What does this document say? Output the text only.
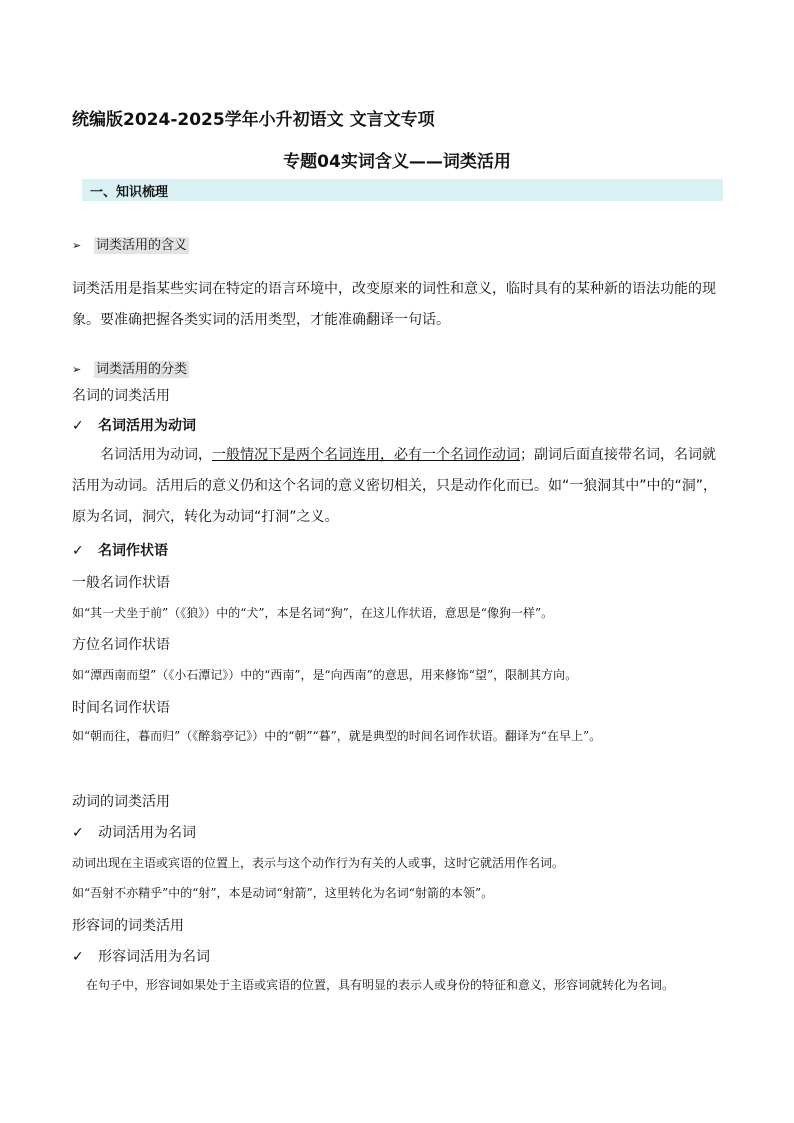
统编版2024-2025学年小升初语文 文言文专项
专题04实词含义——词类活用
一、知识梳理
➢ 词类活用的含义
词类活用是指某些实词在特定的语言环境中，改变原来的词性和意义，临时具有的某种新的语法功能的现象。要准确把握各类实词的活用类型，才能准确翻译一句话。
➢ 词类活用的分类
名词的词类活用
✓ 名词活用为动词
名词活用为动词，一般情况下是两个名词连用，必有一个名词作动词；副词后面直接带名词，名词就活用为动词。活用后的意义仍和这个名词的意义密切相关，只是动作化而已。如“一狼洞其中”中的“洞”，原为名词，洞穴，转化为动词“打洞”之义。
✓ 名词作状语
一般名词作状语
如“其一犬坐于前”（《狼》）中的“犬”，本是名词“狗”，在这儿作状语，意思是“像狗一样”。
方位名词作状语
如“潭西南而望”（《小石潭记》）中的“西南”，是“向西南”的意思，用来修饰“望”，限制其方向。
时间名词作状语
如“朝而往，暮而归”（《醉翁亭记》）中的“朝”“暮”，就是典型的时间名词作状语。翻译为“在早上”。
动词的词类活用
✓ 动词活用为名词
动词出现在主语或宾语的位置上，表示与这个动作行为有关的人或事，这时它就活用作名词。
如“吾射不亦精乎”中的“射”，本是动词“射箭”，这里转化为名词“射箭的本领”。
形容词的词类活用
✓ 形容词活用为名词
在句子中，形容词如果处于主语或宾语的位置，具有明显的表示人或身份的特征和意义，形容词就转化为名词。
